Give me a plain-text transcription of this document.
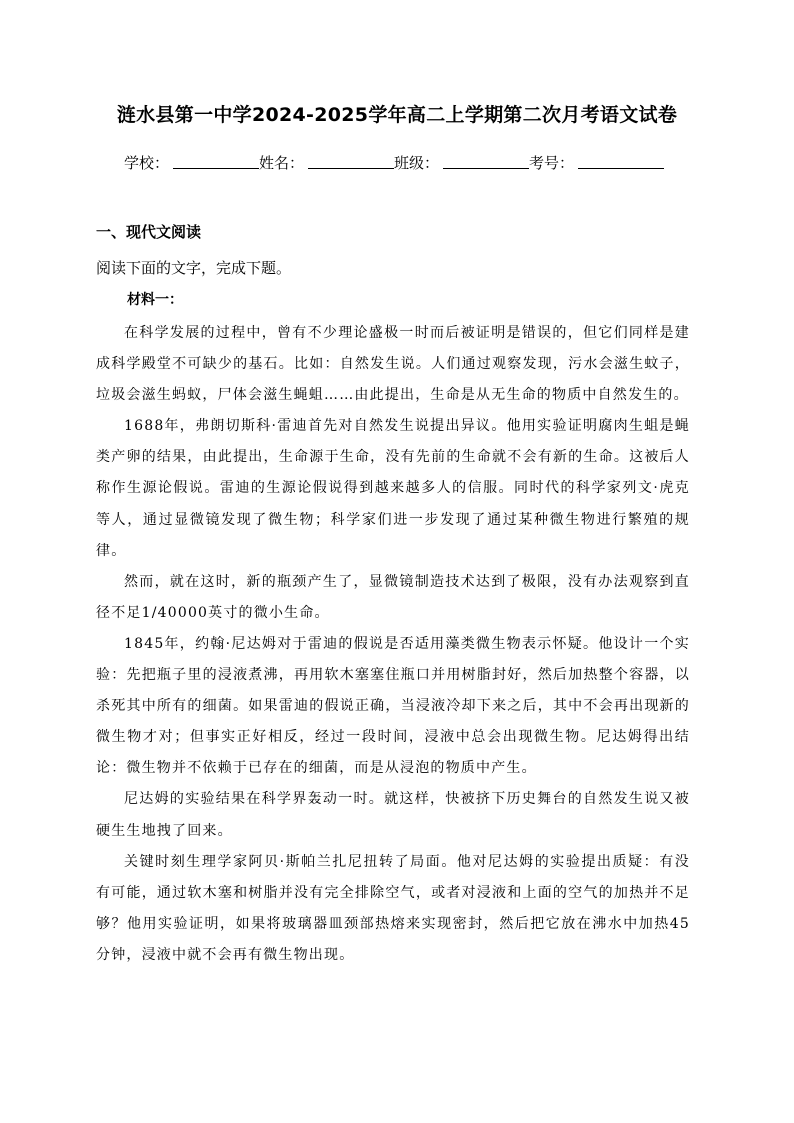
涟水县第一中学2024-2025学年高二上学期第二次月考语文试卷
学校：	姓名：	班级：	考号：
一、现代文阅读
阅读下面的文字，完成下题。
材料一：

在科学发展的过程中，曾有不少理论盛极一时而后被证明是错误的，但它们同样是建成科学殿堂不可缺少的基石。比如：自然发生说。人们通过观察发现，污水会滋生蚊子，垃圾会滋生蚂蚁，尸体会滋生蝇蛆……由此提出，生命是从无生命的物质中自然发生的。

1688年，弗朗切斯科·雷迪首先对自然发生说提出异议。他用实验证明腐肉生蛆是蝇类产卵的结果，由此提出，生命源于生命，没有先前的生命就不会有新的生命。这被后人称作生源论假说。雷迪的生源论假说得到越来越多人的信服。同时代的科学家列文·虎克等人，通过显微镜发现了微生物；科学家们进一步发现了通过某种微生物进行繁殖的规律。

然而，就在这时，新的瓶颈产生了，显微镜制造技术达到了极限，没有办法观察到直径不足1/40000英寸的微小生命。

1845年，约翰·尼达姆对于雷迪的假说是否适用藻类微生物表示怀疑。他设计一个实验：先把瓶子里的浸液煮沸，再用软木塞塞住瓶口并用树脂封好，然后加热整个容器，以杀死其中所有的细菌。如果雷迪的假说正确，当浸液冷却下来之后，其中不会再出现新的微生物才对；但事实正好相反，经过一段时间，浸液中总会出现微生物。尼达姆得出结论：微生物并不依赖于已存在的细菌，而是从浸泡的物质中产生。

尼达姆的实验结果在科学界轰动一时。就这样，快被挤下历史舞台的自然发生说又被硬生生地拽了回来。

关键时刻生理学家阿贝·斯帕兰扎尼扭转了局面。他对尼达姆的实验提出质疑：有没有可能，通过软木塞和树脂并没有完全排除空气，或者对浸液和上面的空气的加热并不足够？他用实验证明，如果将玻璃器皿颈部热熔来实现密封，然后把它放在沸水中加热45分钟，浸液中就不会再有微生物出现。
